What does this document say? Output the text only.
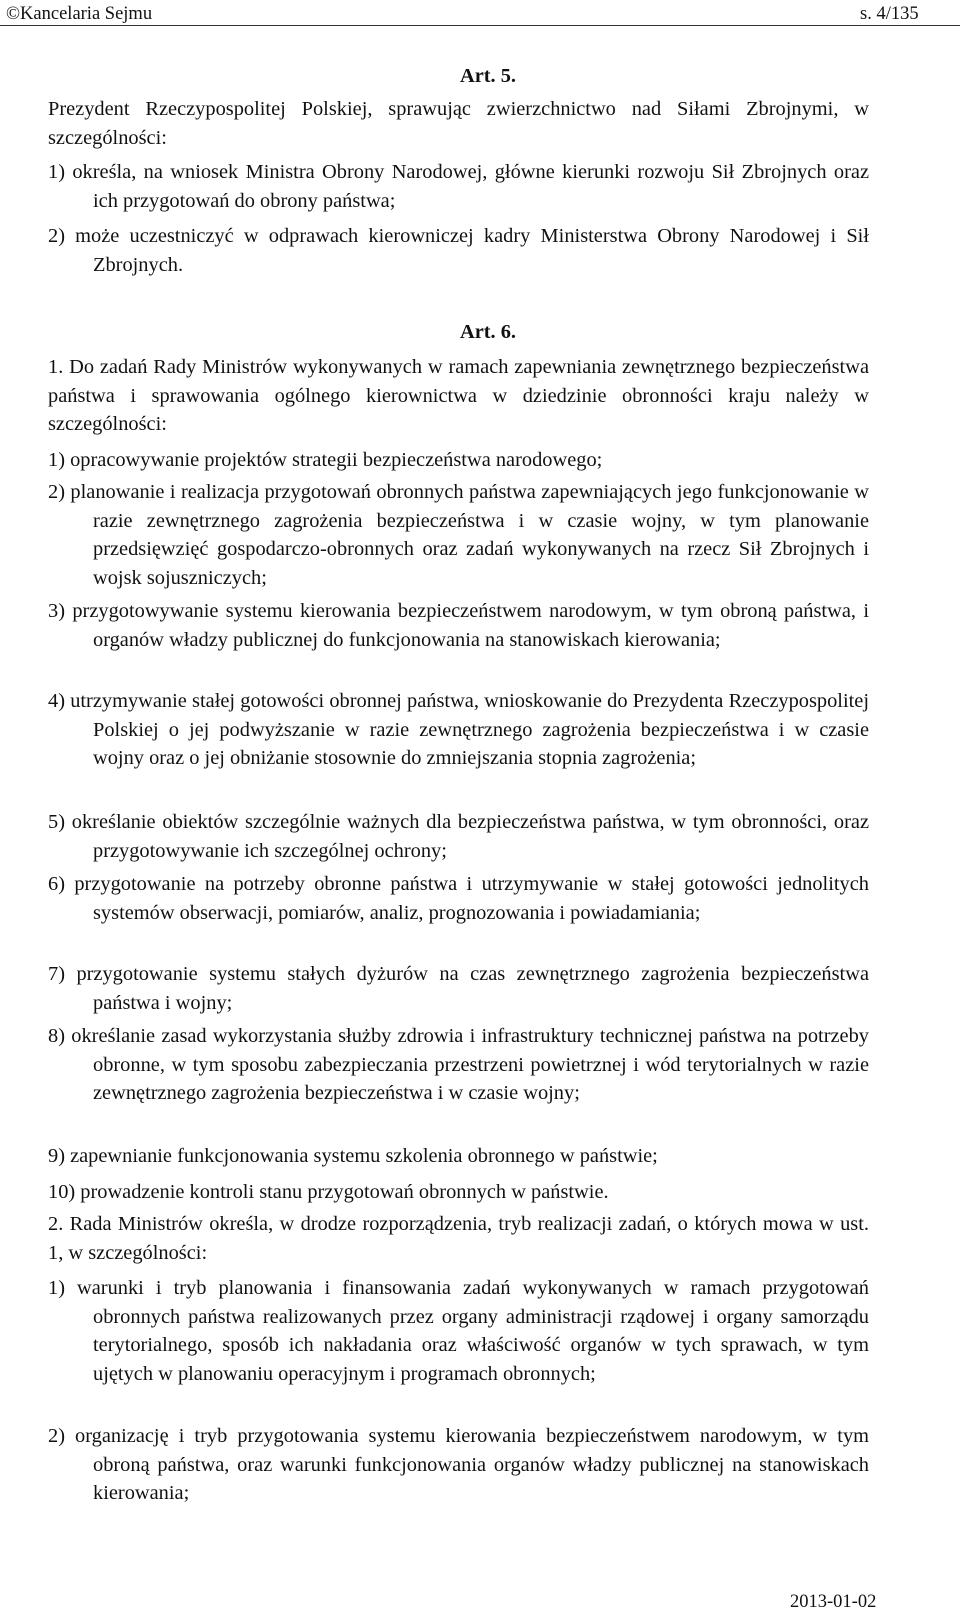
©Kancelaria Sejmu	s. 4/135
Art. 5.
Prezydent Rzeczypospolitej Polskiej, sprawując zwierzchnictwo nad Siłami Zbrojnymi, w szczególności:
1) określa, na wniosek Ministra Obrony Narodowej, główne kierunki rozwoju Sił Zbrojnych oraz ich przygotowań do obrony państwa;
2) może uczestniczyć w odprawach kierowniczej kadry Ministerstwa Obrony Narodowej i Sił Zbrojnych.
Art. 6.
1. Do zadań Rady Ministrów wykonywanych w ramach zapewniania zewnętrznego bezpieczeństwa państwa i sprawowania ogólnego kierownictwa w dziedzinie obronności kraju należy w szczególności:
1) opracowywanie projektów strategii bezpieczeństwa narodowego;
2) planowanie i realizacja przygotowań obronnych państwa zapewniających jego funkcjonowanie w razie zewnętrznego zagrożenia bezpieczeństwa i w czasie wojny, w tym planowanie przedsięwzięć gospodarczo-obronnych oraz zadań wykonywanych na rzecz Sił Zbrojnych i wojsk sojuszniczych;
3) przygotowywanie systemu kierowania bezpieczeństwem narodowym, w tym obroną państwa, i organów władzy publicznej do funkcjonowania na stanowiskach kierowania;
4) utrzymywanie stałej gotowości obronnej państwa, wnioskowanie do Prezydenta Rzeczypospolitej Polskiej o jej podwyższanie w razie zewnętrznego zagrożenia bezpieczeństwa i w czasie wojny oraz o jej obniżanie stosownie do zmniejszania stopnia zagrożenia;
5) określanie obiektów szczególnie ważnych dla bezpieczeństwa państwa, w tym obronności, oraz przygotowywanie ich szczególnej ochrony;
6) przygotowanie na potrzeby obronne państwa i utrzymywanie w stałej gotowości jednolitych systemów obserwacji, pomiarów, analiz, prognozowania i powiadamiania;
7) przygotowanie systemu stałych dyżurów na czas zewnętrznego zagrożenia bezpieczeństwa państwa i wojny;
8) określanie zasad wykorzystania służby zdrowia i infrastruktury technicznej państwa na potrzeby obronne, w tym sposobu zabezpieczania przestrzeni powietrznej i wód terytorialnych w razie zewnętrznego zagrożenia bezpieczeństwa i w czasie wojny;
9) zapewnianie funkcjonowania systemu szkolenia obronnego w państwie;
10) prowadzenie kontroli stanu przygotowań obronnych w państwie.
2. Rada Ministrów określa, w drodze rozporządzenia, tryb realizacji zadań, o których mowa w ust. 1, w szczególności:
1) warunki i tryb planowania i finansowania zadań wykonywanych w ramach przygotowań obronnych państwa realizowanych przez organy administracji rządowej i organy samorządu terytorialnego, sposób ich nakładania oraz właściwość organów w tych sprawach, w tym ujętych w planowaniu operacyjnym i programach obronnych;
2) organizację i tryb przygotowania systemu kierowania bezpieczeństwem narodowym, w tym obroną państwa, oraz warunki funkcjonowania organów władzy publicznej na stanowiskach kierowania;
2013-01-02
